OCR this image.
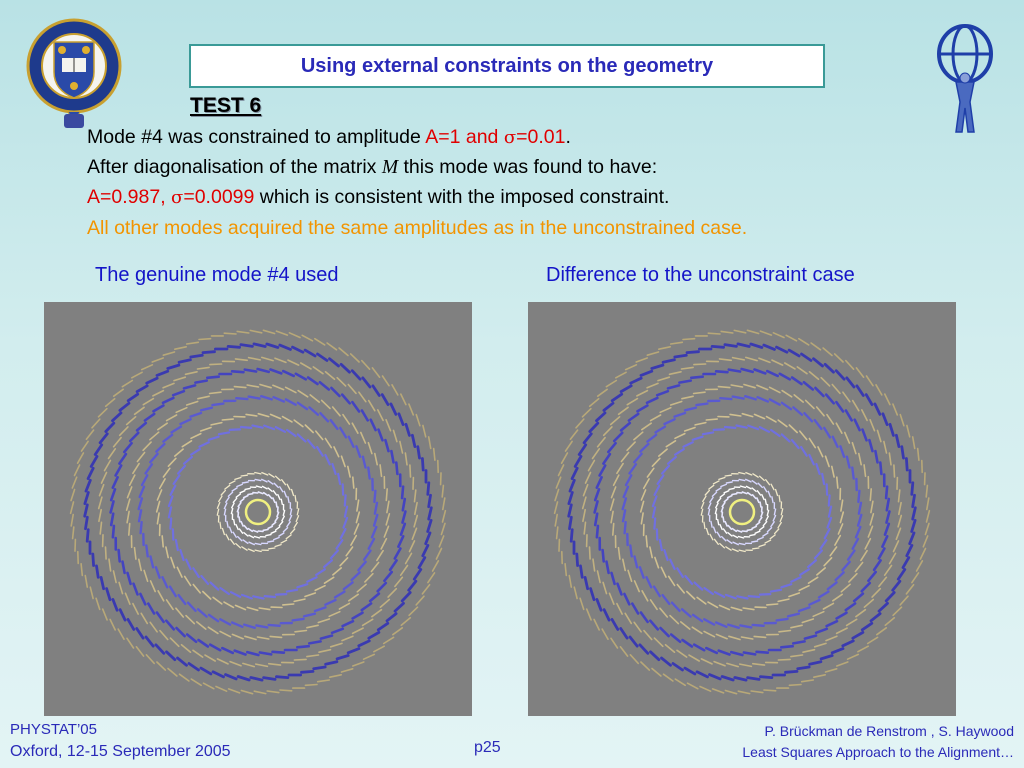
Using external constraints on the geometry
TEST 6
Mode #4 was constrained to amplitude A=1 and σ=0.01.
After diagonalisation of the matrix M this mode was found to have:
A=0.987, σ=0.0099 which is consistent with the imposed constraint.
All other modes acquired the same amplitudes as in the unconstrained case.
The genuine mode #4 used	Difference to the unconstraint case
PHYSTAT’05
Oxford, 12-15 September 2005	p25
P. Brückman de Renstrom , S. Haywood
Least Squares Approach to the Alignment…
